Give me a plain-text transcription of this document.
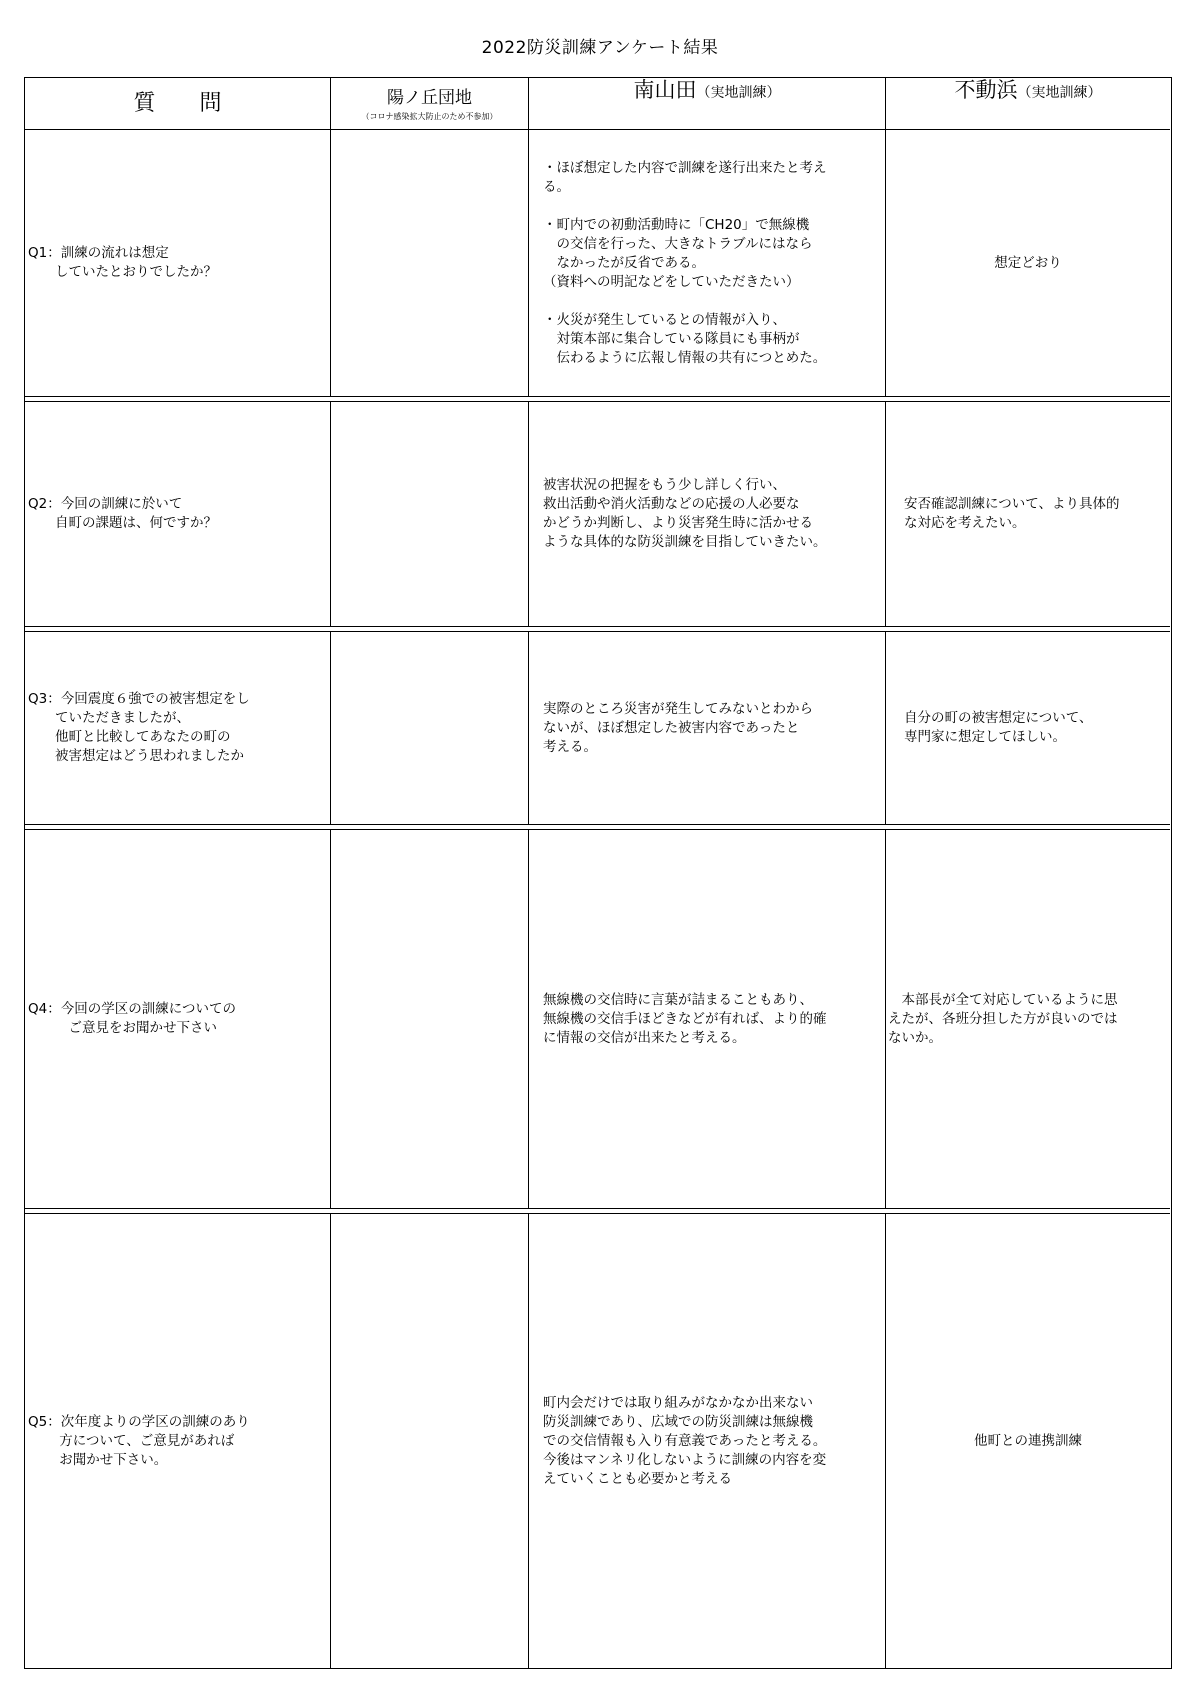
2022防災訓練アンケート結果
質問	陽ノ丘団地
（コロナ感染拡大防止のため不参加）
南山田 （実地訓練）	不動浜 （実地訓練）
Q1：訓練の流れは想定
　　していたとおりでしたか？
・ほぼ想定した内容で訓練を遂行出来たと考え
る。

・町内での初動活動時に「CH20」で無線機
　の交信を行った、大きなトラブルにはなら
　なかったが反省である。
（資料への明記などをしていただきたい）

・火災が発生しているとの情報が入り、
　対策本部に集合している隊員にも事柄が
　伝わるように広報し情報の共有につとめた。
想定どおり
Q2：今回の訓練に於いて
　　自町の課題は、何ですか？
被害状況の把握をもう少し詳しく行い、
救出活動や消火活動などの応援の人必要な
かどうか判断し、より災害発生時に活かせる
ような具体的な防災訓練を目指していきたい。
安否確認訓練について、より具体的
な対応を考えたい。
Q3：今回震度６強での被害想定をし
　　ていただきましたが、
　　他町と比較してあなたの町の
　　被害想定はどう思われましたか
実際のところ災害が発生してみないとわから
ないが、ほぼ想定した被害内容であったと
考える。
自分の町の被害想定について、
専門家に想定してほしい。
Q4：今回の学区の訓練についての
　　　ご意見をお聞かせ下さい
無線機の交信時に言葉が詰まることもあり、
無線機の交信手ほどきなどが有れば、より的確
に情報の交信が出来たと考える。
　本部長が全て対応しているように思
えたが、各班分担した方が良いのでは
ないか。
Q5：次年度よりの学区の訓練のあり
　　 方について、ご意見があれば
　　 お聞かせ下さい。
町内会だけでは取り組みがなかなか出来ない
防災訓練であり、広域での防災訓練は無線機
での交信情報も入り有意義であったと考える。
今後はマンネリ化しないように訓練の内容を変
えていくことも必要かと考える
他町との連携訓練
